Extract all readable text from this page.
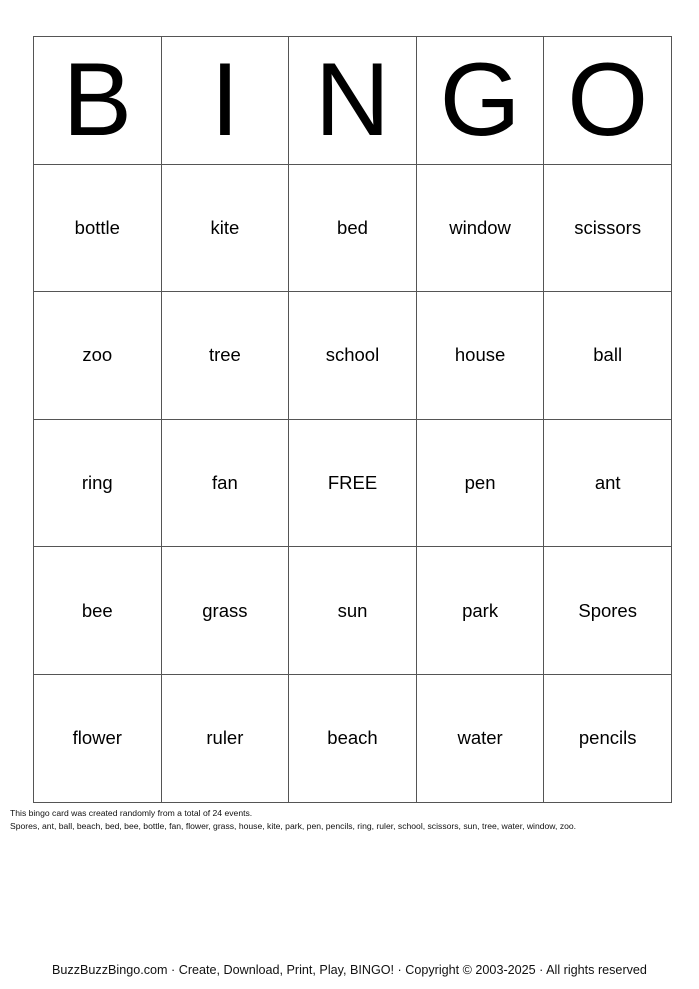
B	I	N	G	O
bottle	kite	bed	window	scissors
zoo	tree	school	house	ball
ring	fan	FREE	pen	ant
bee	grass	sun	park	Spores
flower	ruler	beach	water	pencils
This bingo card was created randomly from a total of 24 events.
Spores, ant, ball, beach, bed, bee, bottle, fan, flower, grass, house, kite, park, pen, pencils, ring, ruler, school, scissors, sun, tree, water, window, zoo.
BuzzBuzzBingo.com · Create, Download, Print, Play, BINGO! · Copyright © 2003-2025 · All rights reserved
